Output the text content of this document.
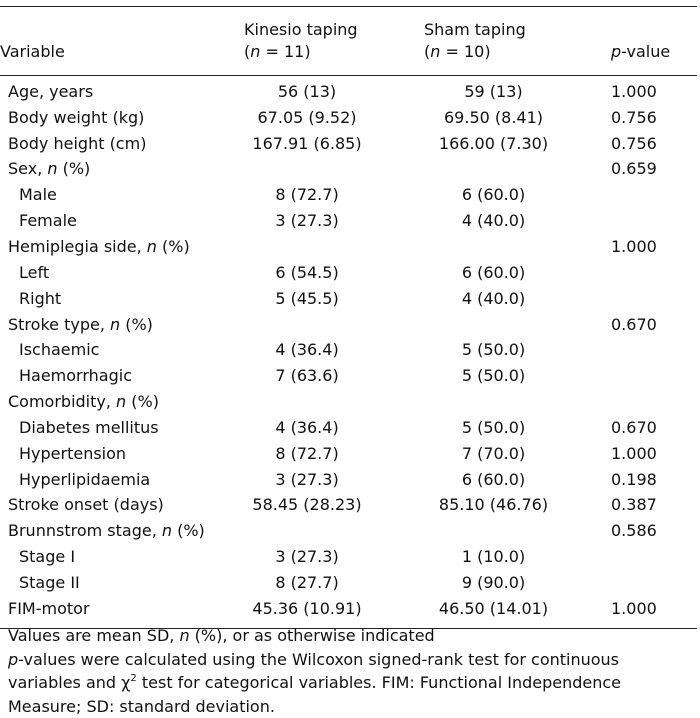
	Kinesio taping	Sham taping	
Variable	(n = 11)	(n = 10)	p-value
Age, years	56 (13)	59 (13)	1.000
Body weight (kg)	67.05 (9.52)	69.50 (8.41)	0.756
Body height (cm)	167.91 (6.85)	166.00 (7.30)	0.756
Sex, n (%)			0.659
Male	8 (72.7)	6 (60.0)	
Female	3 (27.3)	4 (40.0)	
Hemiplegia side, n (%)			1.000
Left	6 (54.5)	6 (60.0)	
Right	5 (45.5)	4 (40.0)	
Stroke type, n (%)			0.670
Ischaemic	4 (36.4)	5 (50.0)	
Haemorrhagic	7 (63.6)	5 (50.0)	
Comorbidity, n (%)			
Diabetes mellitus	4 (36.4)	5 (50.0)	0.670
Hypertension	8 (72.7)	7 (70.0)	1.000
Hyperlipidaemia	3 (27.3)	6 (60.0)	0.198
Stroke onset (days)	58.45 (28.23)	85.10 (46.76)	0.387
Brunnstrom stage, n (%)			0.586
Stage I	3 (27.3)	1 (10.0)	
Stage II	8 (27.7)	9 (90.0)	
FIM-motor	45.36 (10.91)	46.50 (14.01)	1.000

Values are mean SD, n (%), or as otherwise indicated

p-values were calculated using the Wilcoxon signed-rank test for continuous variables and $\chi^2$ test for categorical variables. FIM: Functional Independence Measure; SD: standard deviation.
